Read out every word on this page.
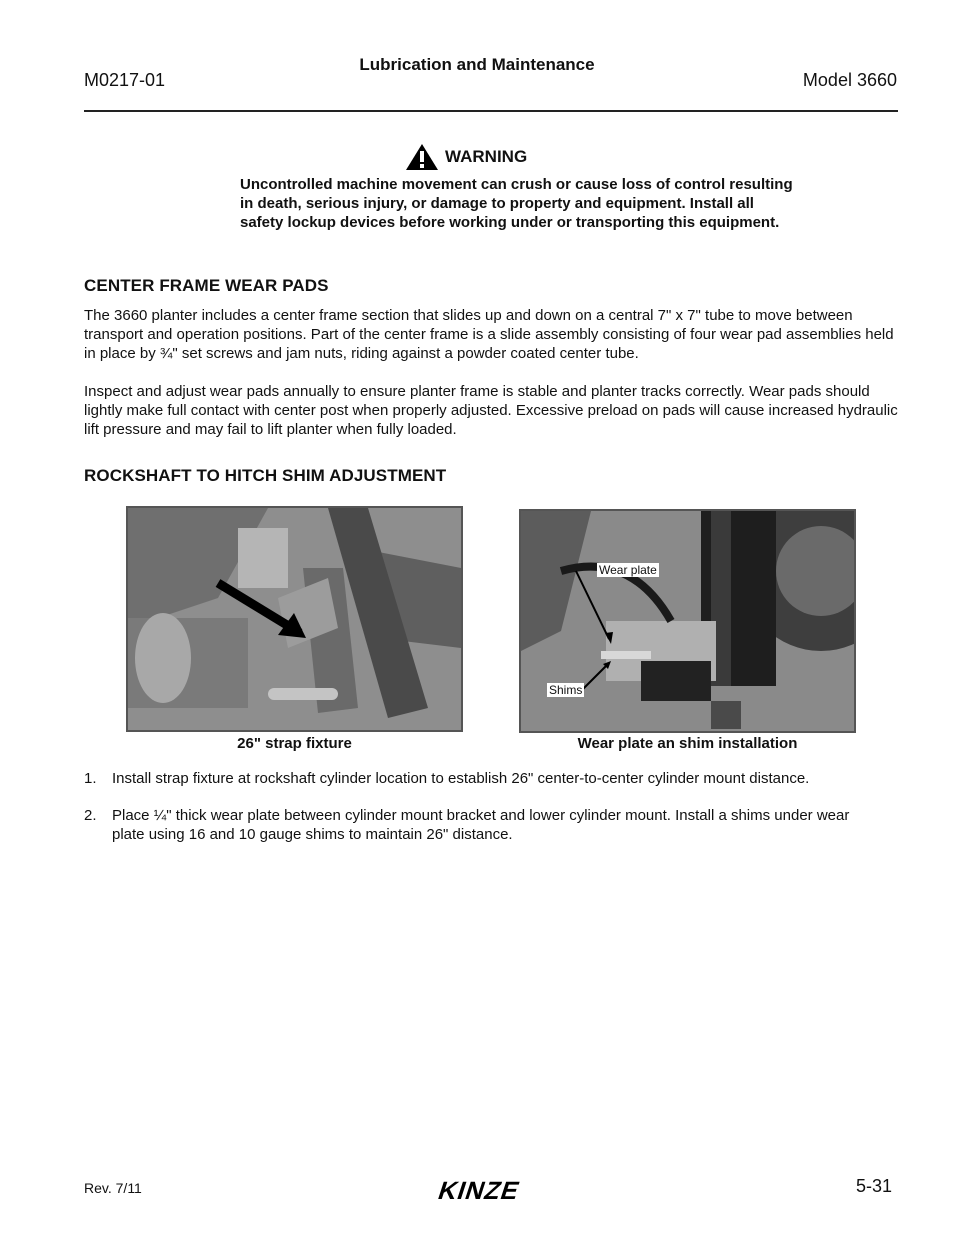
Lubrication and Maintenance
M0217-01	Model 3660
WARNING
Uncontrolled machine movement can crush or cause loss of control resulting in death, serious injury, or damage to property and equipment. Install all safety lockup devices before working under or transporting this equipment.
CENTER FRAME WEAR PADS

The 3660 planter includes a center frame section that slides up and down on a central 7" x 7" tube to move between transport and operation positions. Part of the center frame is a slide assembly consisting of four wear pad assemblies held in place by ¾" set screws and jam nuts, riding against a powder coated center tube.

Inspect and adjust wear pads annually to ensure planter frame is stable and planter tracks correctly. Wear pads should lightly make full contact with center post when properly adjusted. Excessive preload on pads will cause increased hydraulic lift pressure and may fail to lift planter when fully loaded.

ROCKSHAFT TO HITCH SHIM ADJUSTMENT
26" strap fixture
Wear plate
Shims
Wear plate an shim installation
1.	Install strap fixture at rockshaft cylinder location to establish 26" center-to-center cylinder mount distance.
2.	Place ¼" thick wear plate between cylinder mount bracket and lower cylinder mount. Install a shims under wear plate using 16 and 10 gauge shims to maintain 26" distance.
Rev. 7/11	KINZE	5-31
